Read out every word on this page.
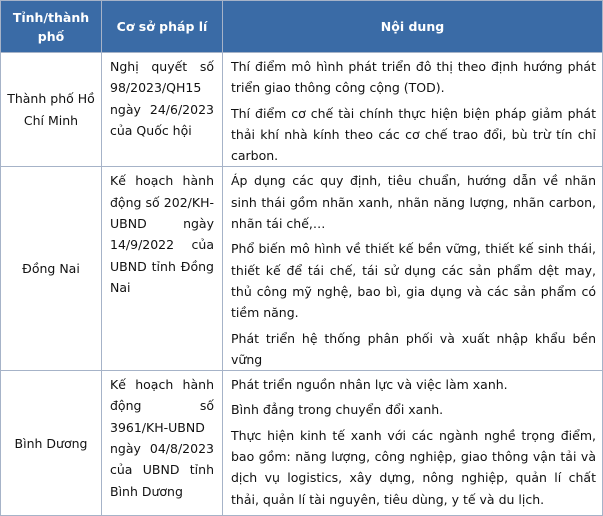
Tỉnh/thành phố	Cơ sở pháp lí	Nội dung
Thành phố Hồ Chí Minh	Nghị quyết số 98/2023/QH15 ngày 24/6/2023 của Quốc hội	Thí điểm mô hình phát triển đô thị theo định hướng phát triển giao thông công cộng (TOD).

Thí điểm cơ chế tài chính thực hiện biện pháp giảm phát thải khí nhà kính theo các cơ chế trao đổi, bù trừ tín chỉ carbon.

Đồng Nai	Kế hoạch hành động số 202/KH-UBND ngày 14/9/2022 của UBND tỉnh Đồng Nai	Áp dụng các quy định, tiêu chuẩn, hướng dẫn về nhãn sinh thái gồm nhãn xanh, nhãn năng lượng, nhãn carbon, nhãn tái chế,…

Phổ biến mô hình về thiết kế bền vững, thiết kế sinh thái, thiết kế để tái chế, tái sử dụng các sản phẩm dệt may, thủ công mỹ nghệ, bao bì, gia dụng và các sản phẩm có tiềm năng.

Phát triển hệ thống phân phối và xuất nhập khẩu bền vững

Bình Dương	Kế hoạch hành động số 3961/KH-UBND ngày 04/8/2023 của UBND tỉnh Bình Dương	Phát triển nguồn nhân lực và việc làm xanh.

Bình đẳng trong chuyển đổi xanh.

Thực hiện kinh tế xanh với các ngành nghề trọng điểm, bao gồm: năng lượng, công nghiệp, giao thông vận tải và dịch vụ logistics, xây dựng, nông nghiệp, quản lí chất thải, quản lí tài nguyên, tiêu dùng, y tế và du lịch.
